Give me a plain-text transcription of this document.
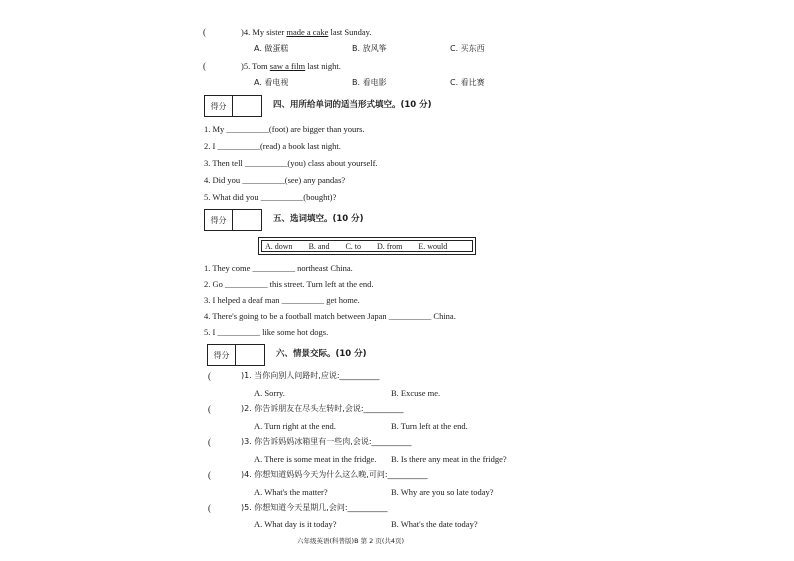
(	)4. My sister made a cake last Sunday.
A. 做蛋糕	B. 放风筝	C. 买东西
(	)5. Tom saw a film last night.
A. 看电视	B. 看电影	C. 看比赛
得分	四、用所给单词的适当形式填空。(10 分)
1. My __________(foot) are bigger than yours.
2. I __________(read) a book last night.
3. Then tell __________(you) class about yourself.
4. Did you __________(see) any pandas?
5. What did you __________(bought)?
得分	五、选词填空。(10 分)
A. down B. and C. to D. from E. would
1. They come __________ northeast China.
2. Go __________ this street. Turn left at the end.
3. I helped a deaf man __________ get home.
4. There's going to be a football match between Japan __________ China.
5. I __________ like some hot dogs.
得分	六、情景交际。(10 分)
(	)1. 当你向别人问路时,应说:__________
A. Sorry.	B. Excuse me.
(	)2. 你告诉朋友在尽头左转时,会说:__________
A. Turn right at the end.	B. Turn left at the end.
(	)3. 你告诉妈妈冰箱里有一些肉,会说:__________
A. There is some meat in the fridge. B. Is there any meat in the fridge?
(	)4. 你想知道妈妈今天为什么这么晚,可问:__________
A. What's the matter?	B. Why are you so late today?
(	)5. 你想知道今天星期几,会问:__________
A. What day is it today?	B. What's the date today?
六年级英语(科普版)B 第 2 页(共4页)
